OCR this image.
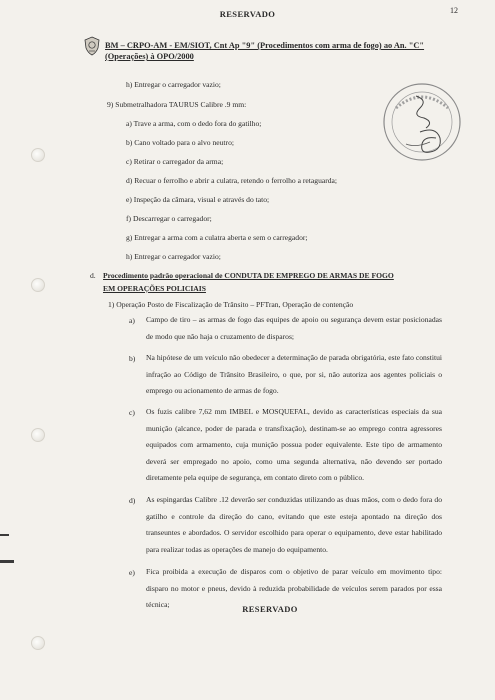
RESERVADO	12
BM – CRPO-AM - EM/SIOT, Cnt Ap "9" (Procedimentos com arma de fogo) ao An. "C"
(Operações) à OPO/2000
h) Entregar o carregador vazio;
9) Submetralhadora TAURUS Calibre .9 mm:
a) Trave a arma, com o dedo fora do gatilho;
b) Cano voltado para o alvo neutro;
c) Retirar o carregador da arma;
d) Recuar o ferrolho e abrir a culatra, retendo o ferrolho a retaguarda;
e) Inspeção da câmara, visual e através do tato;
f) Descarregar o carregador;
g) Entregar a arma com a culatra aberta e sem o carregador;
h) Entregar o carregador vazio;
d. Procedimento padrão operacional de CONDUTA DE EMPREGO DE ARMAS DE FOGO
EM OPERAÇÕES POLICIAIS
1) Operação Posto de Fiscalização de Trânsito – PFTran, Operação de contenção
a) Campo de tiro – as armas de fogo das equipes de apoio ou segurança devem estar posicionadas de modo que não haja o cruzamento de disparos;
b) Na hipótese de um veículo não obedecer a determinação de parada obrigatória, este fato constitui infração ao Código de Trânsito Brasileiro, o que, por si, não autoriza aos agentes policiais o emprego ou acionamento de armas de fogo.
c) Os fuzis calibre 7,62 mm IMBEL e MOSQUEFAL, devido as características especiais da sua munição (alcance, poder de parada e transfixação), destinam-se ao emprego contra agressores equipados com armamento, cuja munição possua poder equivalente. Este tipo de armamento deverá ser empregado no apoio, como uma segunda alternativa, não devendo ser portado diretamente pela equipe de segurança, em contato direto com o público.
d) As espingardas Calibre .12 deverão ser conduzidas utilizando as duas mãos, com o dedo fora do gatilho e controle da direção do cano, evitando que este esteja apontado na direção dos transeuntes e abordados. O servidor escolhido para operar o equipamento, deve estar habilitado para realizar todas as operações de manejo do equipamento.
e) Fica proibida a execução de disparos com o objetivo de parar veículo em movimento tipo: disparo no motor e pneus, devido à reduzida probabilidade de veículos serem parados por essa técnica;	RESERVADO
